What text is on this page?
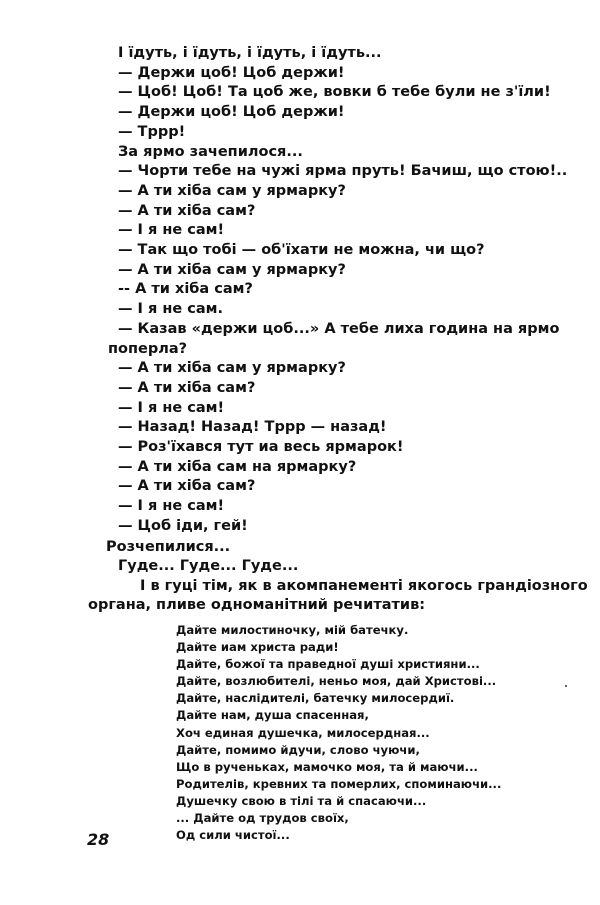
І їдуть, і їдуть, і їдуть, і їдуть...
— Держи цоб! Цоб держи!
— Цоб! Цоб! Та цоб же, вовки б тебе були не з'їли!
— Держи цоб! Цоб держи!
— Тррр!
За ярмо зачепилося...
— Чорти тебе на чужі ярма пруть! Бачиш, що стою!..
— А ти хіба сам у ярмарку?
— А ти хіба сам?
— І я не сам!
— Так що тобі — об'їхати не можна, чи що?
— А ти хіба сам у ярмарку?
-- А ти хіба сам?
— І я не сам.
— Казав «держи цоб...» А тебе лиха година на ярмо
поперла?
— А ти хіба сам у ярмарку?
— А ти хіба сам?
— І я не сам!
— Назад! Назад! Тррр — назад!
— Роз'їхався тут иа весь ярмарок!
— А ти хіба сам на ярмарку?
— А ти хіба сам?
— І я не сам!
— Цоб іди, гей!
Розчепилися...
Гуде... Гуде... Гуде...
І в гуці тім, як в акомпанементі якогось грандіозного
органа, пливе одноманітний речитатив:
Дайте милостиночку, мій батечку.
Дайте иам христа ради!
Дайте, божої та праведної душі християни...
Дайте, возлюбителі, неньо моя, дай Христові...
Дайте, наслідителі, батечку милосердиї.
Дайте нам, душа спасенная,
Хоч единая душечка, милосердная...
Дайте, помимо йдучи, слово чуючи,
Що в рученьках, мамочко моя, та й маючи...
Родителів, кревних та померлих, споминаючи...
Душечку свою в тілі та й спасаючи...
... Дайте од трудов своїх,
Од сили чистої...
28
